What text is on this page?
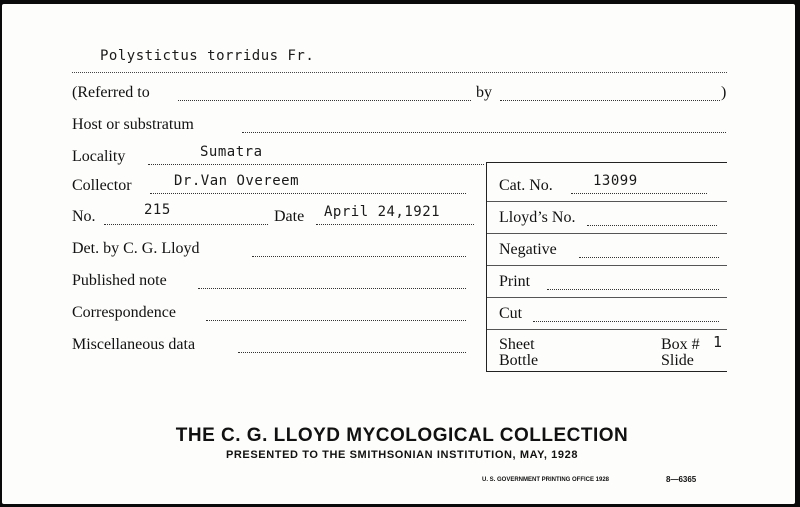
Polystictus torridus Fr.
(Referred to	by	)
Host or substratum
Locality	Sumatra
Collector	Dr.Van Overeem
No.	215	Date April 24,1921
Det. by C. G. Lloyd
Published note
Correspondence
Miscellaneous data
Cat. No.	13099
Lloyd’s No.
Negative
Print
Cut
Sheet
Bottle
Box # 1
Slide
THE C. G. LLOYD MYCOLOGICAL COLLECTION
PRESENTED TO THE SMITHSONIAN INSTITUTION, MAY, 1928
U. S. GOVERNMENT PRINTING OFFICE 1928	8—6365
